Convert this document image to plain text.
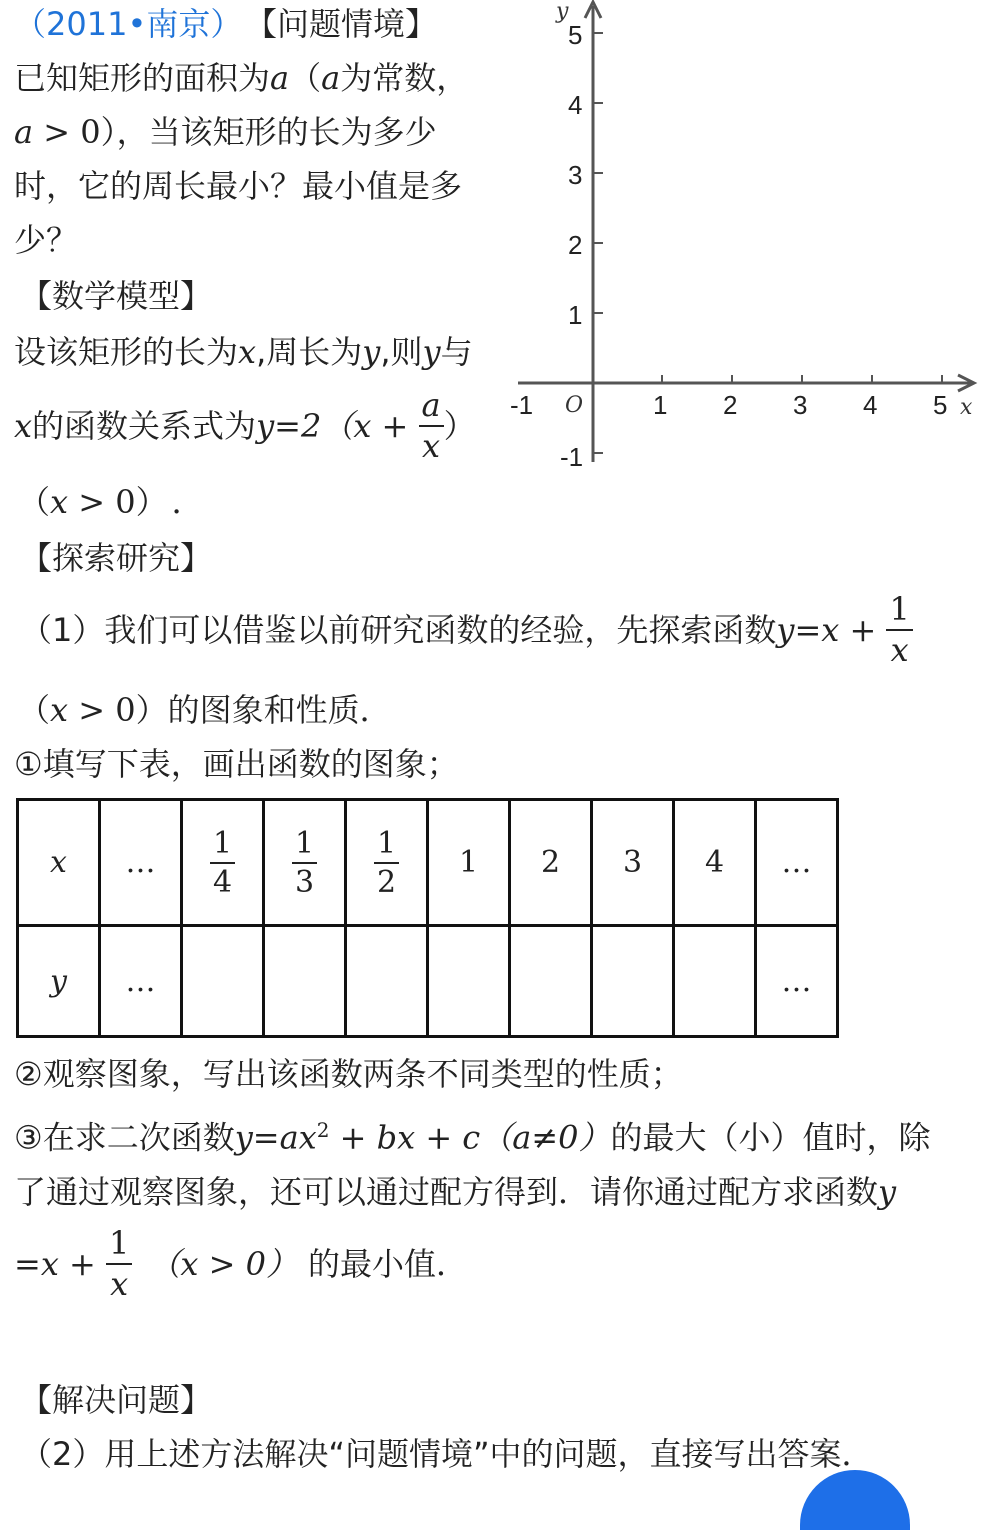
（2011•南京） 【问题情境】
已知矩形的面积为a（a为常数，
a > 0），当该矩形的长为多少
时，它的周长最小？最小值是多
少？
【数学模型】
设该矩形的长为x,周长为y,则y与
x的函数关系式为$y=2(x + \frac{a}{x}$ ）
（x > 0） ．
-1	1 2 3 4 5
5
4
3
2
1
-1
O	x
y
【探索研究】
（1）我们可以借鉴以前研究函数的经验，先探索函数$y=x + \frac{1}{x}$
（x > 0）的图象和性质．
①填写下表，画出函数的图象；
x	…	$\frac{1}{4}$	$\frac{1}{3}$	$\frac{1}{2}$	1	2	3	4	…
y	…								…
②观察图象，写出该函数两条不同类型的性质；
③在求二次函数$y=ax^2$ + bx + c（a≠0）的最大（小）值时，除
了通过观察图象，还可以通过配方得到．请你通过配方求函数y
$=x + \frac{1}{x} (x > 0)$ 的最小值．
【解决问题】
（2）用上述方法解决“问题情境”中的问题，直接写出答案．
